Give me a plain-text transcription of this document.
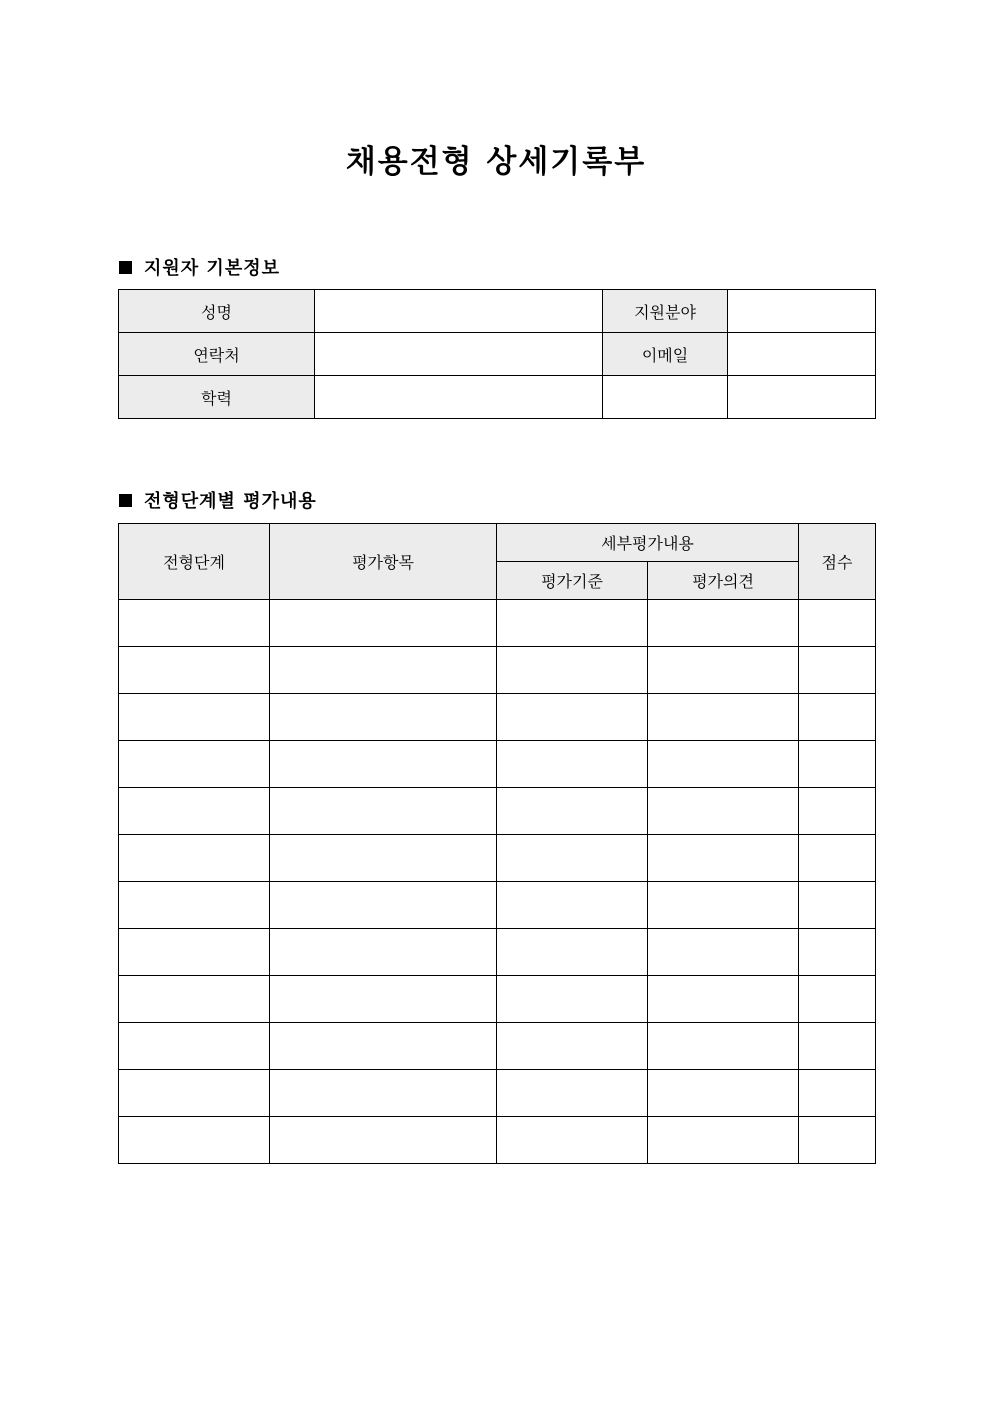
채용전형 상세기록부
지원자 기본정보
성명		지원분야	
연락처		이메일	
학력			
전형단계별 평가내용
전형단계	평가항목	세부평가내용		점수
		평가기준	평가의견	
